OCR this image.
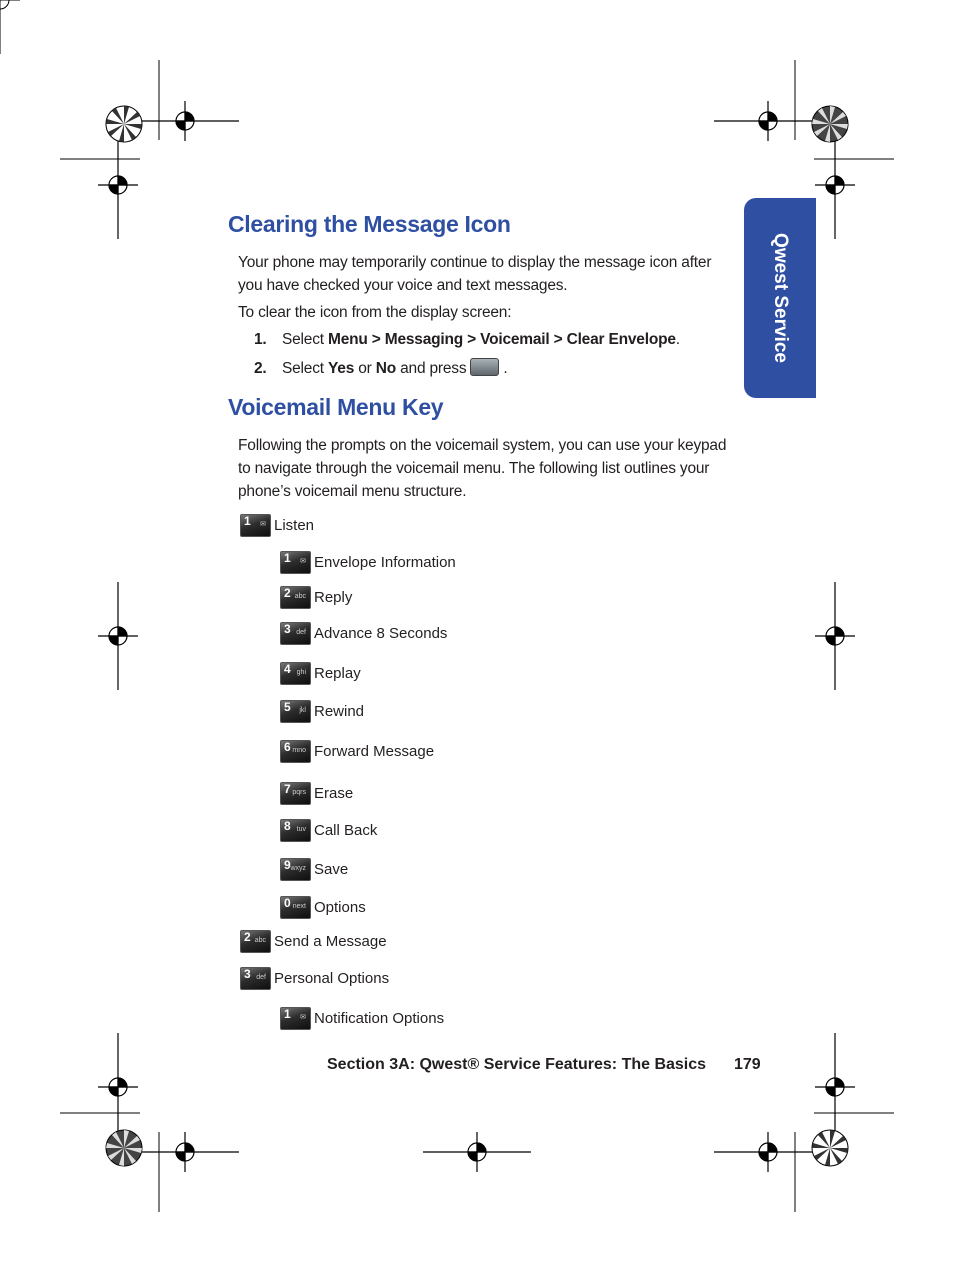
Qwest Service
Clearing the Message Icon
Your phone may temporarily continue to display the message icon after you have checked your voice and text messages.
To clear the icon from the display screen:
1. Select Menu > Messaging > Voicemail > Clear Envelope.
2. Select Yes or No and press .
Voicemail Menu Key
Following the prompts on the voicemail system, you can use your keypad to navigate through the voicemail menu. The following list outlines your phone’s voicemail menu structure.
1 ✉ Listen
1 ✉ Envelope Information
2 abc Reply
3 def Advance 8 Seconds
4 ghi Replay
5 jkl Rewind
6 mno Forward Message
7 pqrs Erase
8 tuv Call Back
9 wxyz Save
0 next Options
2 abc Send a Message
3 def Personal Options
1 ✉ Notification Options
Section 3A: Qwest® Service Features: The Basics 179
